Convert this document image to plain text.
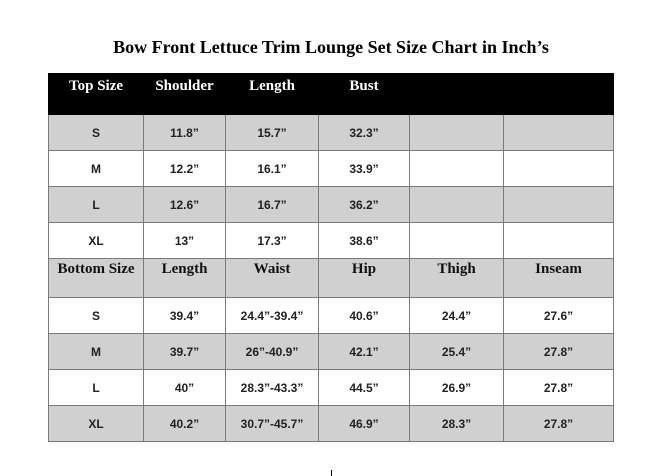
Bow Front Lettuce Trim Lounge Set Size Chart in Inch’s
Top Size	Shoulder	Length	Bust		
S	11.8”	15.7”	32.3”		
M	12.2”	16.1”	33.9”		
L	12.6”	16.7”	36.2”		
XL	13”	17.3”	38.6”		
Bottom Size	Length	Waist	Hip	Thigh	Inseam
S	39.4”	24.4”-39.4”	40.6”	24.4”	27.6”
M	39.7”	26”-40.9”	42.1”	25.4”	27.8”
L	40”	28.3”-43.3”	44.5”	26.9”	27.8”
XL	40.2”	30.7”-45.7”	46.9”	28.3”	27.8”
